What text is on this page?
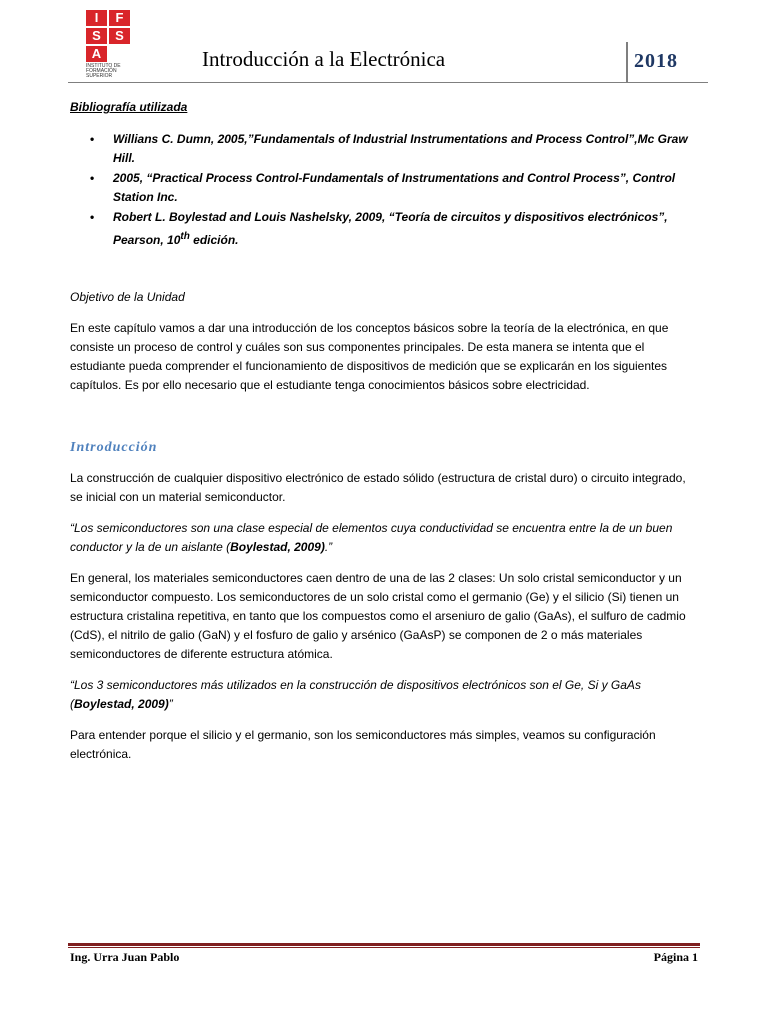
I	F
S	S
A
INSTITUTO DE
FORMACIÓN
SUPERIOR
Introducción a la Electrónica	2018
Bibliografía utilizada
• Willians C. Dumn, 2005,”Fundamentals of Industrial Instrumentations and Process Control”,Mc Graw Hill.
• 2005, “Practical Process Control-Fundamentals of Instrumentations and Control Process”, Control Station Inc.
• Robert L. Boylestad and Louis Nashelsky, 2009, “Teoría de circuitos y dispositivos electrónicos”, Pearson, 10th edición.
Objetivo de la Unidad

En este capítulo vamos a dar una introducción de los conceptos básicos sobre la teoría de la electrónica, en que consiste un proceso de control y cuáles son sus componentes principales. De esta manera se intenta que el estudiante pueda comprender el funcionamiento de dispositivos de medición que se explicarán en los siguientes capítulos. Es por ello necesario que el estudiante tenga conocimientos básicos sobre electricidad.

Introducción

La construcción de cualquier dispositivo electrónico de estado sólido (estructura de cristal duro) o circuito integrado, se inicial con un material semiconductor.

“Los semiconductores son una clase especial de elementos cuya conductividad se encuentra entre la de un buen conductor y la de un aislante (Boylestad, 2009).”

En general, los materiales semiconductores caen dentro de una de las 2 clases: Un solo cristal semiconductor y un semiconductor compuesto. Los semiconductores de un solo cristal como el germanio (Ge) y el silicio (Si) tienen un estructura cristalina repetitiva, en tanto que los compuestos como el arseniuro de galio (GaAs), el sulfuro de cadmio (CdS), el nitrilo de galio (GaN) y el fosfuro de galio y arsénico (GaAsP) se componen de 2 o más materiales semiconductores de diferente estructura atómica.

“Los 3 semiconductores más utilizados en la construcción de dispositivos electrónicos son el Ge, Si y GaAs (Boylestad, 2009)”

Para entender porque el silicio y el germanio, son los semiconductores más simples, veamos su configuración electrónica.

Ing. Urra Juan Pablo	Página 1
